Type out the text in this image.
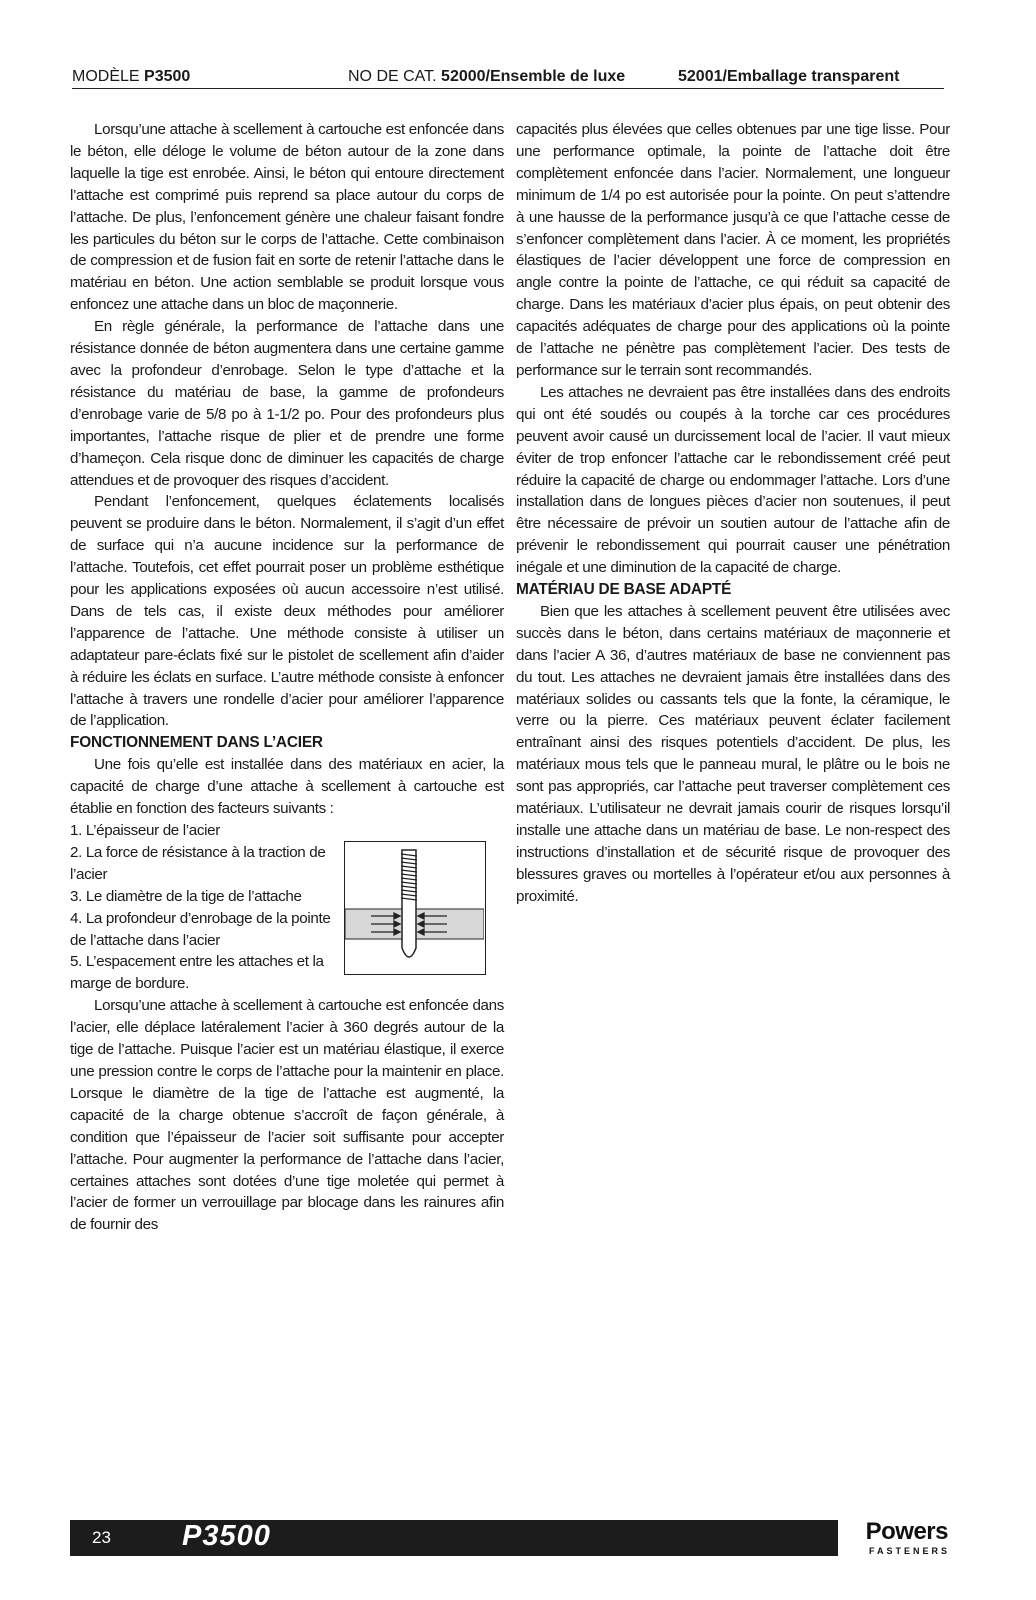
MODÈLE P3500	NO DE CAT. 52000/Ensemble de luxe	52001/Emballage transparent

Lorsqu’une attache à scellement à cartouche est enfoncée dans le béton, elle déloge le volume de béton autour de la zone dans laquelle la tige est enrobée. Ainsi, le béton qui entoure directement l’attache est comprimé puis reprend sa place autour du corps de l’attache. De plus, l’enfoncement génère une chaleur faisant fondre les particules du béton sur le corps de l’attache. Cette combinaison de compression et de fusion fait en sorte de retenir l’attache dans le matériau en béton. Une action semblable se produit lorsque vous enfoncez une attache dans un bloc de maçonnerie.

En règle générale, la performance de l’attache dans une résistance donnée de béton augmentera dans une certaine gamme avec la profondeur d’enrobage. Selon le type d’attache et la résistance du matériau de base, la gamme de profondeurs d’enrobage varie de 5/8 po à 1-1/2 po. Pour des profondeurs plus importantes, l’attache risque de plier et de prendre une forme d’hameçon. Cela risque donc de diminuer les capacités de charge attendues et de provoquer des risques d’accident.

Pendant l’enfoncement, quelques éclatements localisés peuvent se produire dans le béton. Normalement, il s’agit d’un effet de surface qui n’a aucune incidence sur la performance de l’attache. Toutefois, cet effet pourrait poser un problème esthétique pour les applications exposées où aucun accessoire n’est utilisé. Dans de tels cas, il existe deux méthodes pour améliorer l’apparence de l’attache. Une méthode consiste à utiliser un adaptateur pare-éclats fixé sur le pistolet de scellement afin d’aider à réduire les éclats en surface. L’autre méthode consiste à enfoncer l’attache à travers une rondelle d’acier pour améliorer l’apparence de l’application.

FONCTIONNEMENT DANS L’ACIER

Une fois qu’elle est installée dans des matériaux en acier, la capacité de charge d’une attache à scellement à cartouche est établie en fonction des facteurs suivants :

1. L’épaisseur de l’acier
2. La force de résistance à la traction de l’acier
3. Le diamètre de la tige de l’attache
4. La profondeur d’enrobage de la pointe de l’attache dans l’acier
5. L’espacement entre les attaches et la marge de bordure.

Lorsqu’une attache à scellement à cartouche est enfoncée dans l’acier, elle déplace latéralement l’acier à 360 degrés autour de la tige de l’attache. Puisque l’acier est un matériau élastique, il exerce une pression contre le corps de l’attache pour la maintenir en place. Lorsque le diamètre de la tige de l’attache est augmenté, la capacité de la charge obtenue s’accroît de façon générale, à condition que l’épaisseur de l’acier soit suffisante pour accepter l’attache. Pour augmenter la performance de l’attache dans l’acier, certaines attaches sont dotées d’une tige moletée qui permet à l’acier de former un verrouillage par blocage dans les rainures afin de fournir des

capacités plus élevées que celles obtenues par une tige lisse. Pour une performance optimale, la pointe de l’attache doit être complètement enfoncée dans l’acier. Normalement, une longueur minimum de 1/4 po est autorisée pour la pointe. On peut s’attendre à une hausse de la performance jusqu’à ce que l’attache cesse de s’enfoncer complètement dans l’acier. À ce moment, les propriétés élastiques de l’acier développent une force de compression en angle contre la pointe de l’attache, ce qui réduit sa capacité de charge. Dans les matériaux d’acier plus épais, on peut obtenir des capacités adéquates de charge pour des applications où la pointe de l’attache ne pénètre pas complètement l’acier. Des tests de performance sur le terrain sont recommandés.

Les attaches ne devraient pas être installées dans des endroits qui ont été soudés ou coupés à la torche car ces procédures peuvent avoir causé un durcissement local de l’acier. Il vaut mieux éviter de trop enfoncer l’attache car le rebondissement créé peut réduire la capacité de charge ou endommager l’attache. Lors d’une installation dans de longues pièces d’acier non soutenues, il peut être nécessaire de prévoir un soutien autour de l’attache afin de prévenir le rebondissement qui pourrait causer une pénétration inégale et une diminution de la capacité de charge.

MATÉRIAU DE BASE ADAPTÉ

Bien que les attaches à scellement peuvent être utilisées avec succès dans le béton, dans certains matériaux de maçonnerie et dans l’acier A 36, d’autres matériaux de base ne conviennent pas du tout. Les attaches ne devraient jamais être installées dans des matériaux solides ou cassants tels que la fonte, la céramique, le verre ou la pierre. Ces matériaux peuvent éclater facilement entraînant ainsi des risques potentiels d’accident. De plus, les matériaux mous tels que le panneau mural, le plâtre ou le bois ne sont pas appropriés, car l’attache peut traverser complètement ces matériaux. L’utilisateur ne devrait jamais courir de risques lorsqu’il installe une attache dans un matériau de base. Le non-respect des instructions d’installation et de sécurité risque de provoquer des blessures graves ou mortelles à l’opérateur et/ou aux personnes à proximité.

23 P3500	Powers
FASTENERS
